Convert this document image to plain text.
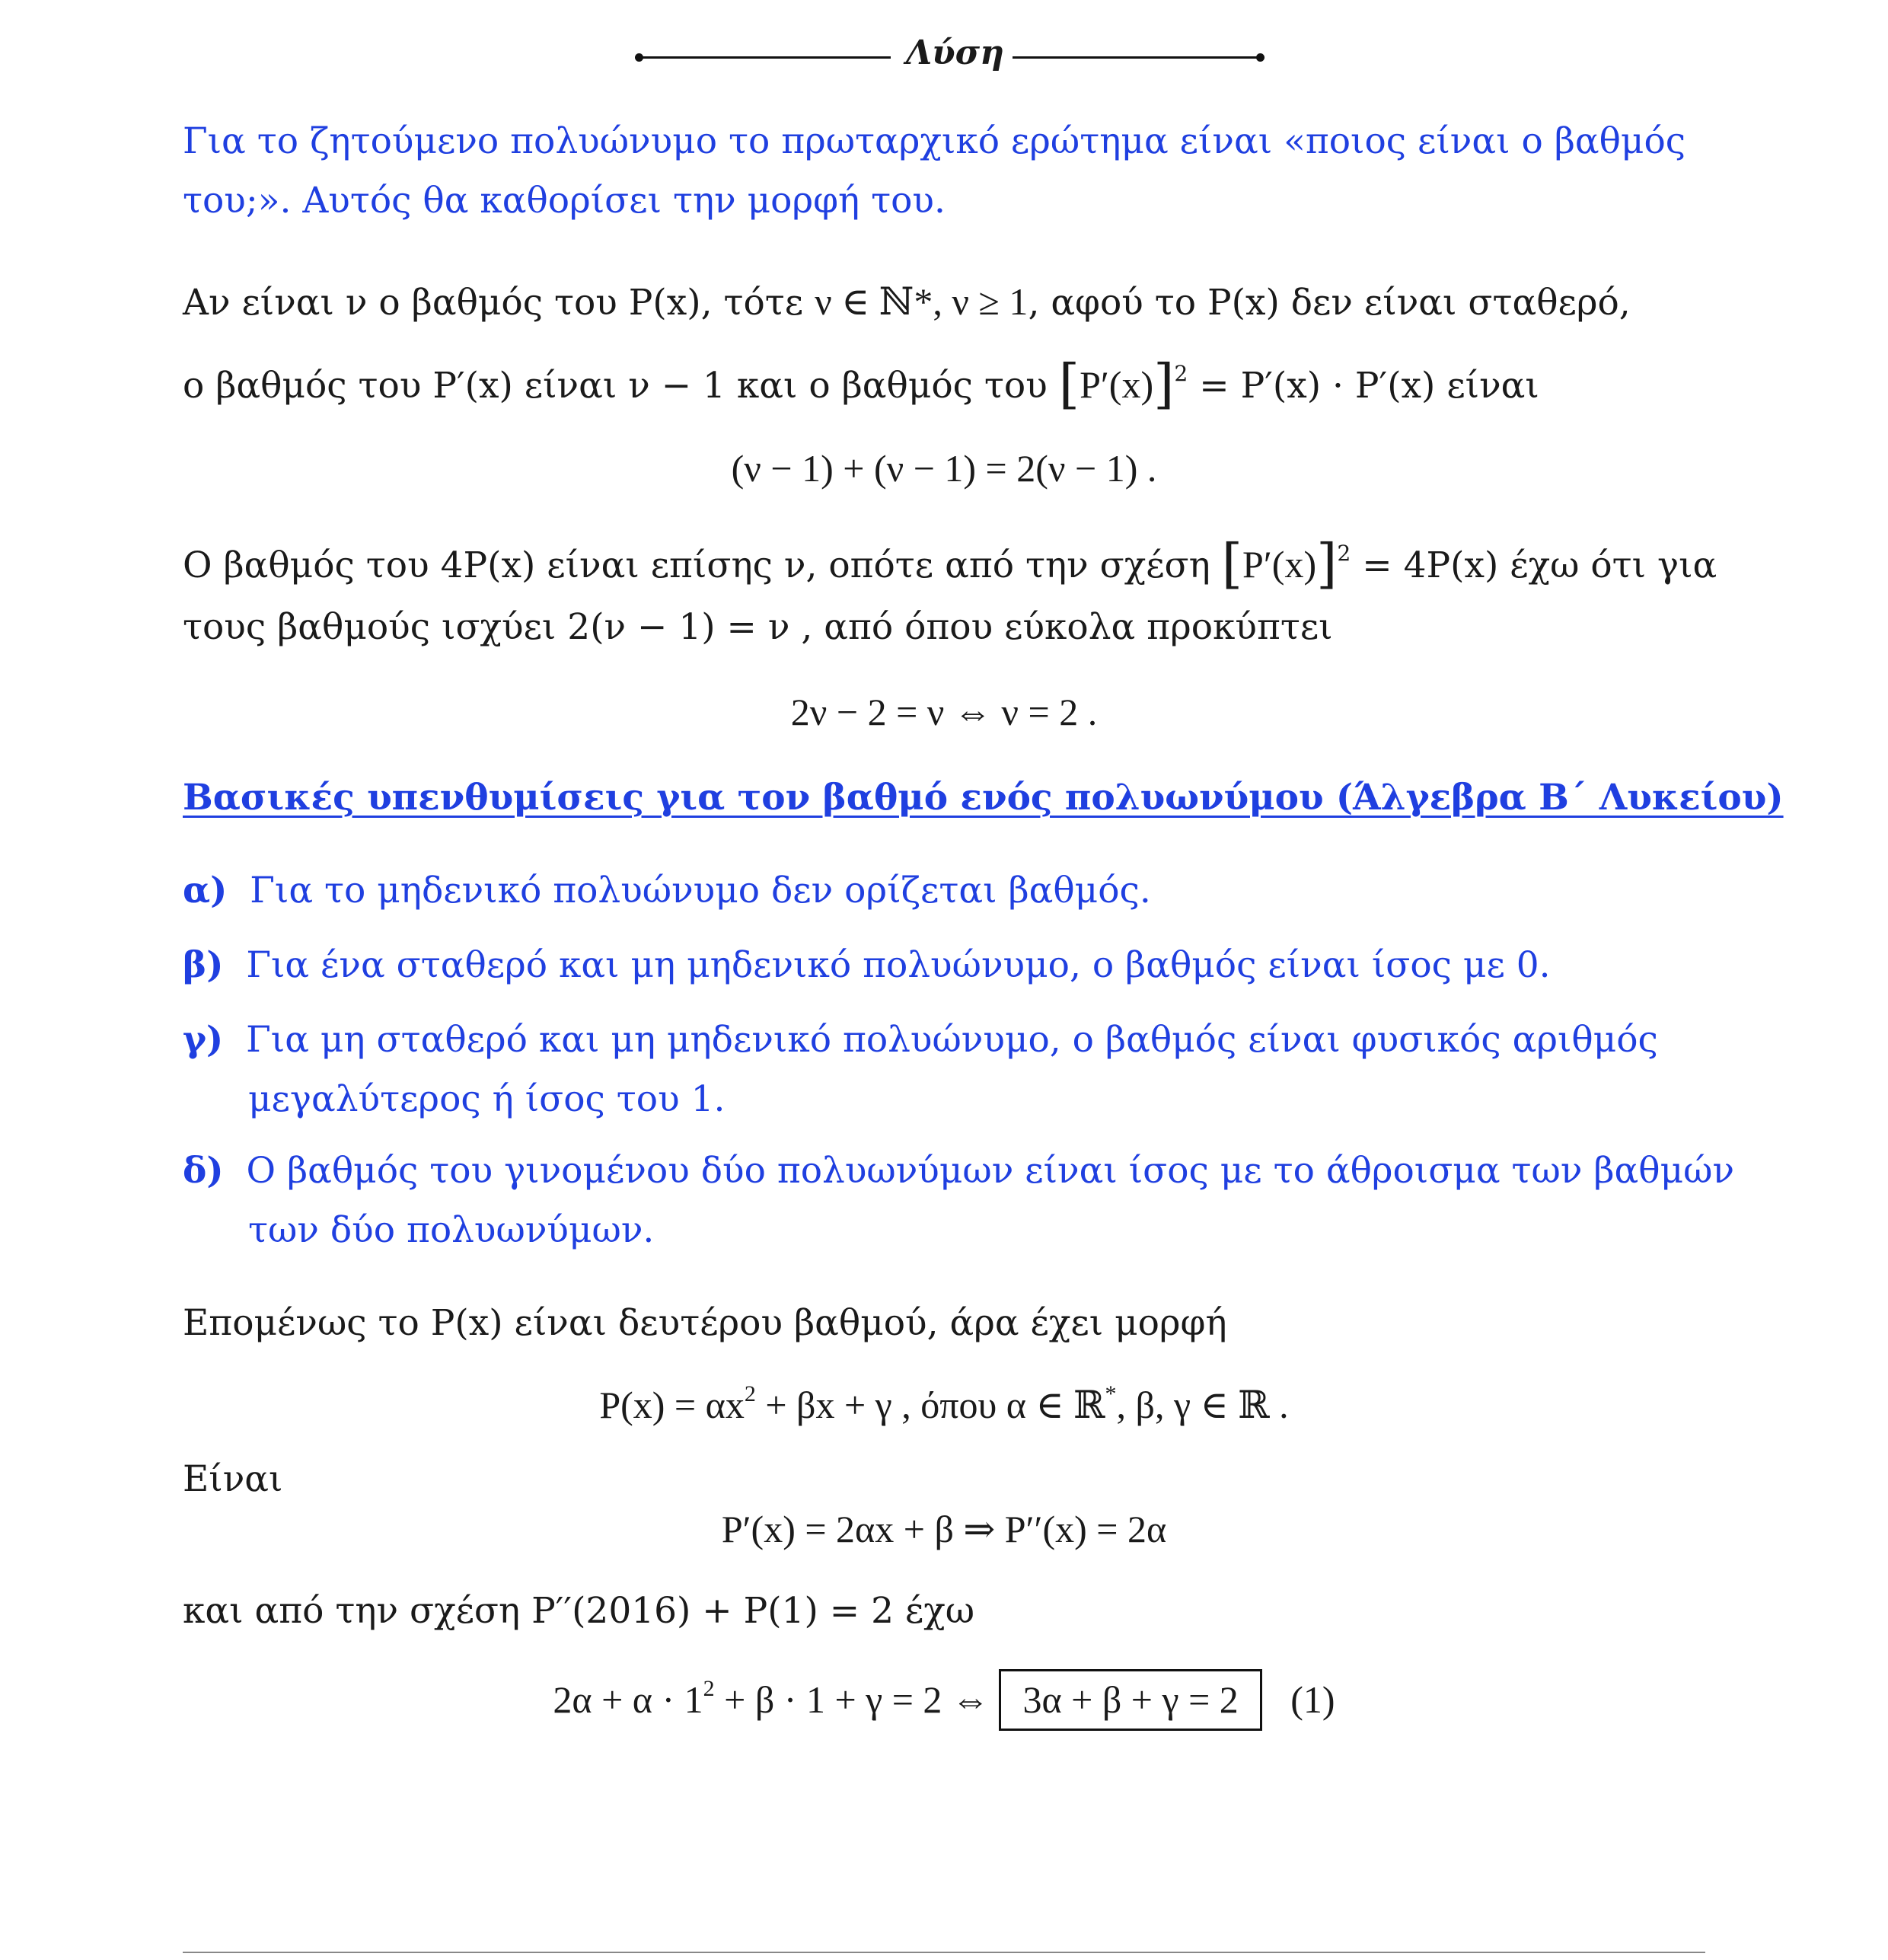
Λύση
Για το ζητούμενο πολυώνυμο το πρωταρχικό ερώτημα είναι «ποιος είναι ο βαθμός
του;». Αυτός θα καθορίσει την μορφή του.
Αν είναι ν ο βαθμός του P(x), τότε ν ∈ ℕ*, ν ≥ 1, αφού το P(x) δεν είναι σταθερό,
ο βαθμός του P′(x) είναι ν − 1 και ο βαθμός του $[P'(x)]^2 = P'(x) \cdot P'(x)$ είναι
(ν − 1) + (ν − 1) = 2(ν − 1) .
Ο βαθμός του 4P(x) είναι επίσης ν, οπότε από την σχέση $[P'(x)]^2 = 4P(x)$ έχω ότι για
τους βαθμούς ισχύει 2(ν − 1) = ν , από όπου εύκολα προκύπτει
2ν − 2 = ν ⇔ ν = 2 .
Βασικές υπενθυμίσεις για τον βαθμό ενός πολυωνύμου (Άλγεβρα Β΄ Λυκείου)
α) Για το μηδενικό πολυώνυμο δεν ορίζεται βαθμός.
β) Για ένα σταθερό και μη μηδενικό πολυώνυμο, ο βαθμός είναι ίσος με 0.
γ) Για μη σταθερό και μη μηδενικό πολυώνυμο, ο βαθμός είναι φυσικός αριθμός
μεγαλύτερος ή ίσος του 1.
δ) Ο βαθμός του γινομένου δύο πολυωνύμων είναι ίσος με το άθροισμα των βαθμών
των δύο πολυωνύμων.
Επομένως το P(x) είναι δευτέρου βαθμού, άρα έχει μορφή
$P(x) = \alpha x^2 + \beta x + \gamma$ , όπου α ∈ ℝ*, β, γ ∈ ℝ .
Είναι
P′(x) = 2αx + β ⇒ P′′(x) = 2α
και από την σχέση P′′(2016) + P(1) = 2 έχω
$2\alpha + \alpha \cdot 1^2 + \beta \cdot 1 + \gamma = 2$ ⇔ 3α + β + γ = 2 (1)
